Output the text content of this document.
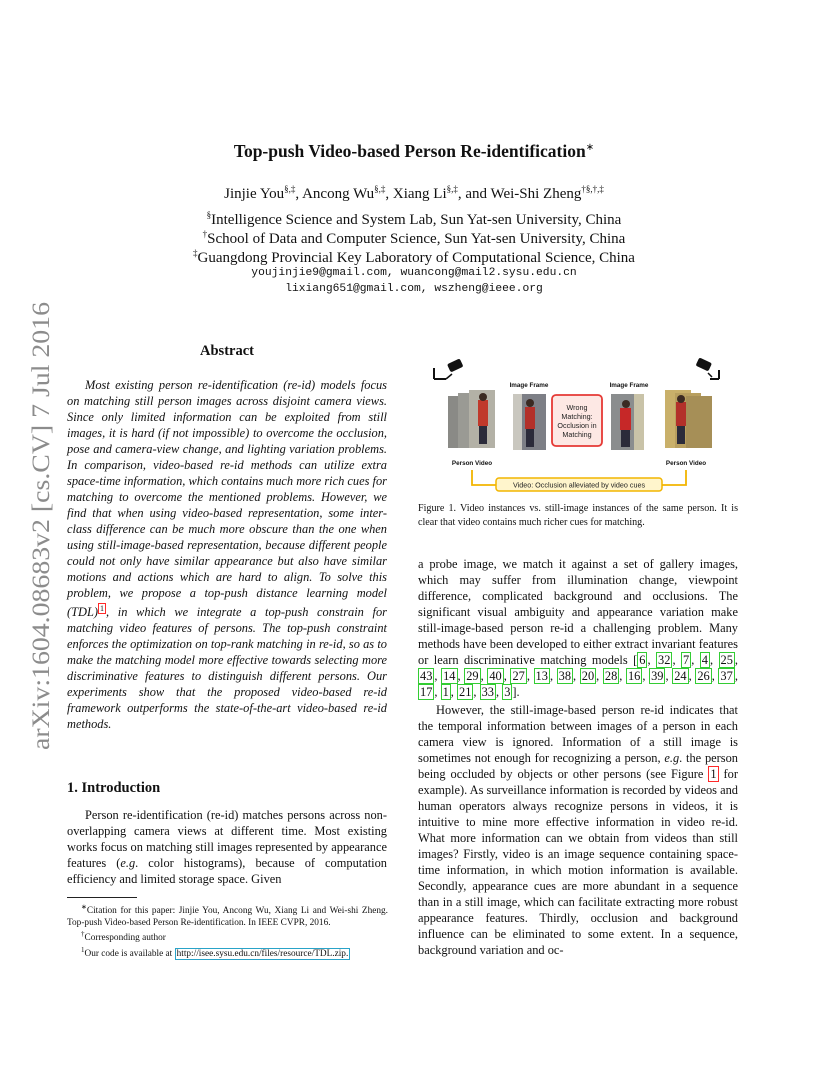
arXiv:1604.08683v2 [cs.CV] 7 Jul 2016
Top-push Video-based Person Re-identification∗
Jinjie You§,‡, Ancong Wu§,‡, Xiang Li§,‡, and Wei-Shi Zheng†§,†,‡
§Intelligence Science and System Lab, Sun Yat-sen University, China
†School of Data and Computer Science, Sun Yat-sen University, China
‡Guangdong Provincial Key Laboratory of Computational Science, China
youjinjie9@gmail.com, wuancong@mail2.sysu.edu.cn
lixiang651@gmail.com, wszheng@ieee.org
Abstract
Most existing person re-identification (re-id) models focus on matching still person images across disjoint camera views. Since only limited information can be exploited from still images, it is hard (if not impossible) to overcome the occlusion, pose and camera-view change, and lighting variation problems. In comparison, video-based re-id methods can utilize extra space-time information, which contains much more rich cues for matching to overcome the mentioned problems. However, we find that when using video-based representation, some inter-class difference can be much more obscure than the one when using still-image-based representation, because different people could not only have similar appearance but also have similar motions and actions which are hard to align. To solve this problem, we propose a top-push distance learning model (TDL) $^1$ , in which we integrate a top-push constrain for matching video features of persons. The top-push constraint enforces the optimization on top-rank matching in re-id, so as to make the matching model more effective towards selecting more discriminative features to distinguish different persons. Our experiments show that the proposed video-based re-id framework outperforms the state-of-the-art video-based re-id methods.
1. Introduction
Person re-identification (re-id) matches persons across non-overlapping camera views at different time. Most existing works focus on matching still images represented by appearance features (e.g. color histograms), because of computation efficiency and limited storage space. Given

∗Citation for this paper: Jinjie You, Ancong Wu, Xiang Li and Wei-shi Zheng. Top-push Video-based Person Re-identification. In IEEE CVPR, 2016.

†Corresponding author

$^1$Our code is available at http://isee.sysu.edu.cn/files/resource/TDL.zip.

Image Frame
Wrong
Matching:
Occlusion in
Matching
Image Frame
Person Video	Person Video
Video: Occlusion alleviated by video cues
Figure 1. Video instances vs. still-image instances of the same person. It is clear that video contains much richer cues for matching.

a probe image, we match it against a set of gallery images, which may suffer from illumination change, viewpoint difference, complicated background and occlusions. The significant visual ambiguity and appearance variation make still-image-based person re-id a challenging problem. Many methods have been developed to either extract invariant features or learn discriminative matching models [ 6 , 32 , 7 , 4 , 25 , 43 , 14 , 29 , 40 , 27 , 13 , 38 , 20 , 28 , 16 , 39 , 24 , 26 , 37 , 17 , 1 , 21 , 33 , 3 ].

However, the still-image-based person re-id indicates that the temporal information between images of a person in each camera view is ignored. Information of a still image is sometimes not enough for recognizing a person, e.g. the person being occluded by objects or other persons (see Figure 1 for example). As surveillance information is recorded by videos and human operators always recognize persons in videos, it is intuitive to mine more effective information in video re-id. What more information can we obtain from videos than still images? Firstly, video is an image sequence containing space-time information, in which motion information is available. Secondly, appearance cues are more abundant in a sequence than in a still image, which can facilitate extracting more robust appearance features. Thirdly, occlusion and background influence can be eliminated to some extent. In a sequence, background variation and oc-
